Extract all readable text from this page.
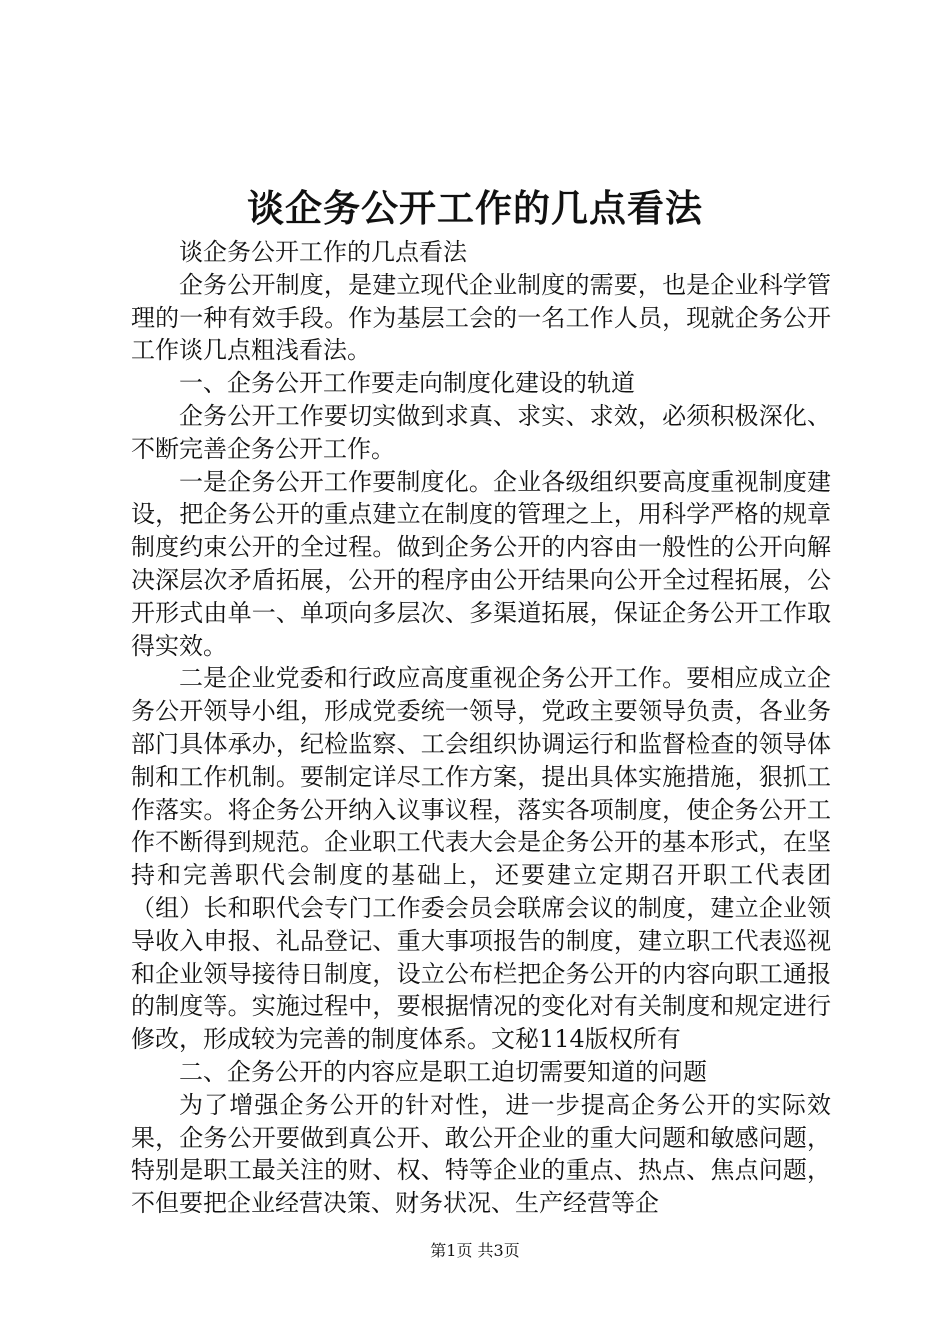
谈企务公开工作的几点看法

谈企务公开工作的几点看法

企务公开制度，是建立现代企业制度的需要，也是企业科学管理的一种有效手段。作为基层工会的一名工作人员，现就企务公开工作谈几点粗浅看法。

一、企务公开工作要走向制度化建设的轨道

企务公开工作要切实做到求真、求实、求效，必须积极深化、不断完善企务公开工作。

一是企务公开工作要制度化。企业各级组织要高度重视制度建设，把企务公开的重点建立在制度的管理之上，用科学严格的规章制度约束公开的全过程。做到企务公开的内容由一般性的公开向解决深层次矛盾拓展，公开的程序由公开结果向公开全过程拓展，公开形式由单一、单项向多层次、多渠道拓展，保证企务公开工作取得实效。

二是企业党委和行政应高度重视企务公开工作。要相应成立企务公开领导小组，形成党委统一领导，党政主要领导负责，各业务部门具体承办，纪检监察、工会组织协调运行和监督检查的领导体制和工作机制。要制定详尽工作方案，提出具体实施措施，狠抓工作落实。将企务公开纳入议事议程，落实各项制度，使企务公开工作不断得到规范。企业职工代表大会是企务公开的基本形式，在坚持和完善职代会制度的基础上，还要建立定期召开职工代表团（组）长和职代会专门工作委会员会联席会议的制度，建立企业领导收入申报、礼品登记、重大事项报告的制度，建立职工代表巡视和企业领导接待日制度，设立公布栏把企务公开的内容向职工通报的制度等。实施过程中，要根据情况的变化对有关制度和规定进行修改，形成较为完善的制度体系。文秘114版权所有

二、企务公开的内容应是职工迫切需要知道的问题

为了增强企务公开的针对性，进一步提高企务公开的实际效果，企务公开要做到真公开、敢公开企业的重大问题和敏感问题，特别是职工最关注的财、权、特等企业的重点、热点、焦点问题，不但要把企业经营决策、财务状况、生产经营等企

第1页 共3页
